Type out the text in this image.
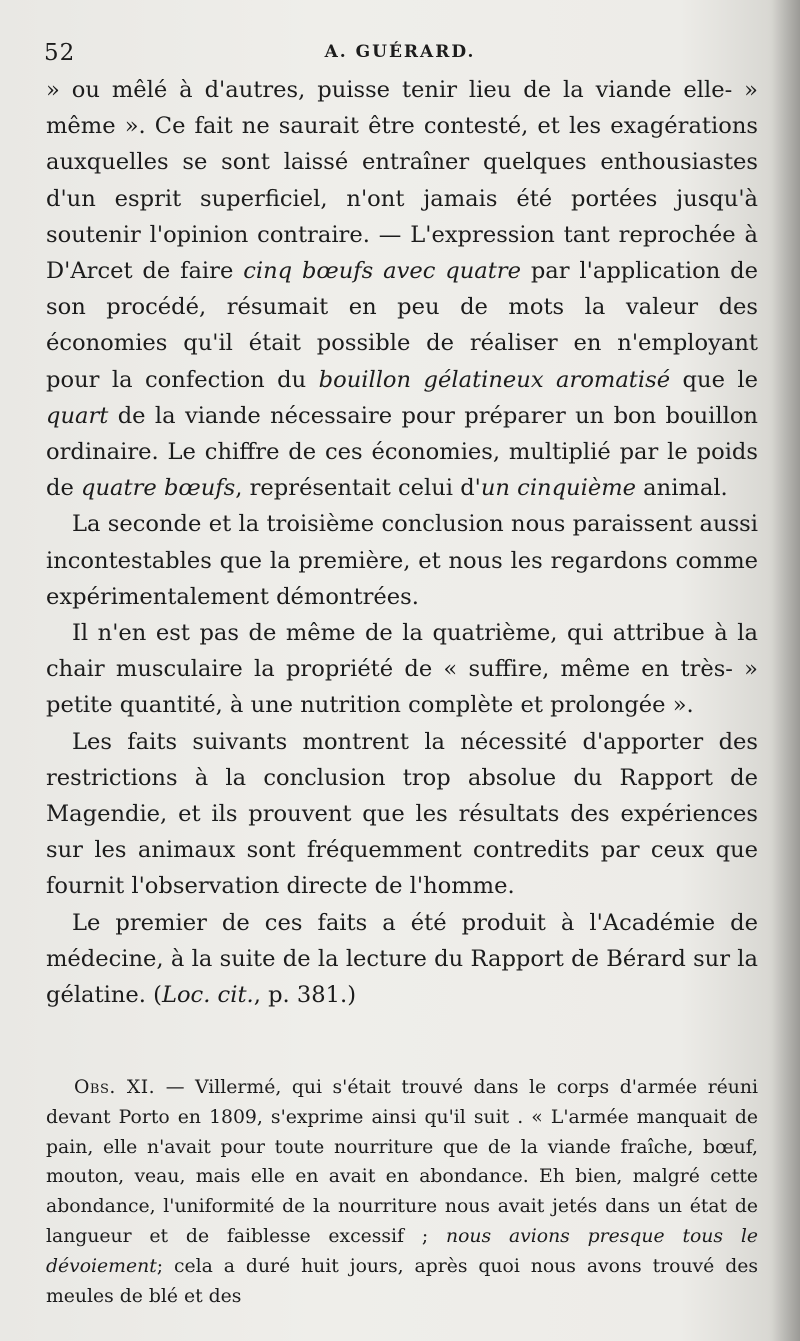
52	A. GUÉRARD.

» ou mêlé à d'autres, puisse tenir lieu de la viande elle- » même ». Ce fait ne saurait être contesté, et les exagérations auxquelles se sont laissé entraîner quelques enthousiastes d'un esprit superficiel, n'ont jamais été portées jusqu'à soutenir l'opinion contraire. — L'expression tant reprochée à D'Arcet de faire cinq bœufs avec quatre par l'application de son procédé, résumait en peu de mots la valeur des économies qu'il était possible de réaliser en n'employant pour la confection du bouillon gélatineux aromatisé que le quart de la viande nécessaire pour préparer un bon bouillon ordinaire. Le chiffre de ces économies, multiplié par le poids de quatre bœufs, représentait celui d'un cinquième animal.

La seconde et la troisième conclusion nous paraissent aussi incontestables que la première, et nous les regardons comme expérimentalement démontrées.

Il n'en est pas de même de la quatrième, qui attribue à la chair musculaire la propriété de « suffire, même en très- » petite quantité, à une nutrition complète et prolongée ».

Les faits suivants montrent la nécessité d'apporter des restrictions à la conclusion trop absolue du Rapport de Magendie, et ils prouvent que les résultats des expériences sur les animaux sont fréquemment contredits par ceux que fournit l'observation directe de l'homme.

Le premier de ces faits a été produit à l'Académie de médecine, à la suite de la lecture du Rapport de Bérard sur la gélatine. (Loc. cit., p. 381.)

Obs. XI. — Villermé, qui s'était trouvé dans le corps d'armée réuni devant Porto en 1809, s'exprime ainsi qu'il suit . « L'armée manquait de pain, elle n'avait pour toute nourriture que de la viande fraîche, bœuf, mouton, veau, mais elle en avait en abondance. Eh bien, malgré cette abondance, l'uniformité de la nourriture nous avait jetés dans un état de langueur et de faiblesse excessif ; nous avions presque tous le dévoiement; cela a duré huit jours, après quoi nous avons trouvé des meules de blé et des
